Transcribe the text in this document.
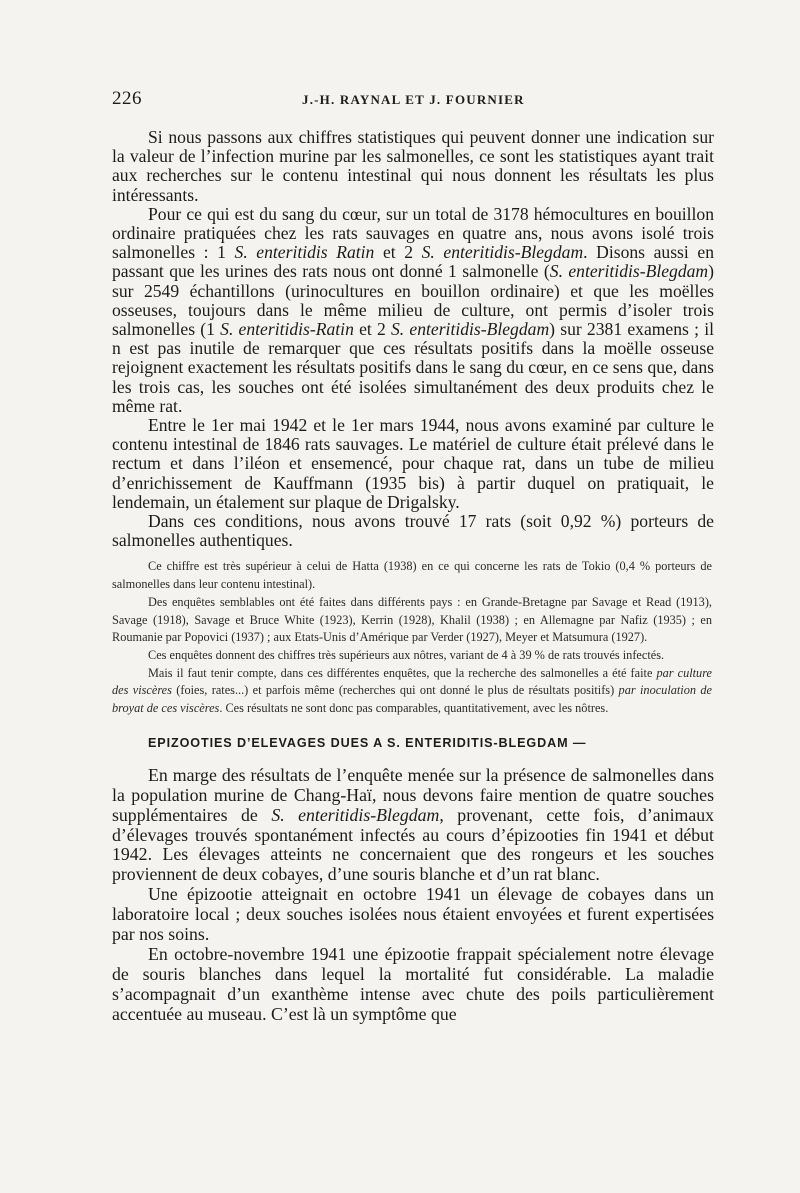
226	J.-H. RAYNAL ET J. FOURNIER

Si nous passons aux chiffres statistiques qui peuvent donner une indication sur la valeur de l’infection murine par les salmonelles, ce sont les statistiques ayant trait aux recherches sur le contenu intestinal qui nous donnent les résultats les plus intéressants.

Pour ce qui est du sang du cœur, sur un total de 3178 hémocultures en bouillon ordinaire pratiquées chez les rats sauvages en quatre ans, nous avons isolé trois salmonelles : 1 S. enteritidis Ratin et 2 S. enteritidis-Blegdam. Disons aussi en passant que les urines des rats nous ont donné 1 salmonelle (S. enteritidis-Blegdam) sur 2549 échantillons (urinocultures en bouillon ordinaire) et que les moëlles osseuses, toujours dans le même milieu de culture, ont permis d’isoler trois salmonelles (1 S. enteritidis-Ratin et 2 S. enteritidis-Blegdam) sur 2381 examens ; il n est pas inutile de remarquer que ces résultats positifs dans la moëlle osseuse rejoignent exactement les résultats positifs dans le sang du cœur, en ce sens que, dans les trois cas, les souches ont été isolées simultanément des deux produits chez le même rat.

Entre le 1er mai 1942 et le 1er mars 1944, nous avons examiné par culture le contenu intestinal de 1846 rats sauvages. Le matériel de culture était prélevé dans le rectum et dans l’iléon et ensemencé, pour chaque rat, dans un tube de milieu d’enrichissement de Kauffmann (1935 bis) à partir duquel on pratiquait, le lendemain, un étalement sur plaque de Drigalsky.

Dans ces conditions, nous avons trouvé 17 rats (soit 0,92 %) porteurs de salmonelles authentiques.

Ce chiffre est très supérieur à celui de Hatta (1938) en ce qui concerne les rats de Tokio (0,4 % porteurs de salmonelles dans leur contenu intestinal).

Des enquêtes semblables ont été faites dans différents pays : en Grande-Bretagne par Savage et Read (1913), Savage (1918), Savage et Bruce White (1923), Kerrin (1928), Khalil (1938) ; en Allemagne par Nafiz (1935) ; en Roumanie par Popovici (1937) ; aux Etats-Unis d’Amérique par Verder (1927), Meyer et Matsumura (1927).

Ces enquêtes donnent des chiffres très supérieurs aux nôtres, variant de 4 à 39 % de rats trouvés infectés.

Mais il faut tenir compte, dans ces différentes enquêtes, que la recherche des salmonelles a été faite par culture des viscères (foies, rates...) et parfois même (recherches qui ont donné le plus de résultats positifs) par inoculation de broyat de ces viscères. Ces résultats ne sont donc pas comparables, quantitativement, avec les nôtres.

EPIZOOTIES D’ELEVAGES DUES A S. ENTERIDITIS-BLEGDAM —

En marge des résultats de l’enquête menée sur la présence de salmonelles dans la population murine de Chang-Haï, nous devons faire mention de quatre souches supplémentaires de S. enteritidis-Blegdam, provenant, cette fois, d’animaux d’élevages trouvés spontanément infectés au cours d’épizooties fin 1941 et début 1942. Les élevages atteints ne concernaient que des rongeurs et les souches proviennent de deux cobayes, d’une souris blanche et d’un rat blanc.

Une épizootie atteignait en octobre 1941 un élevage de cobayes dans un laboratoire local ; deux souches isolées nous étaient envoyées et furent expertisées par nos soins.

En octobre-novembre 1941 une épizootie frappait spécialement notre élevage de souris blanches dans lequel la mortalité fut considérable. La maladie s’acompagnait d’un exanthème intense avec chute des poils particulièrement accentuée au museau. C’est là un symptôme que
